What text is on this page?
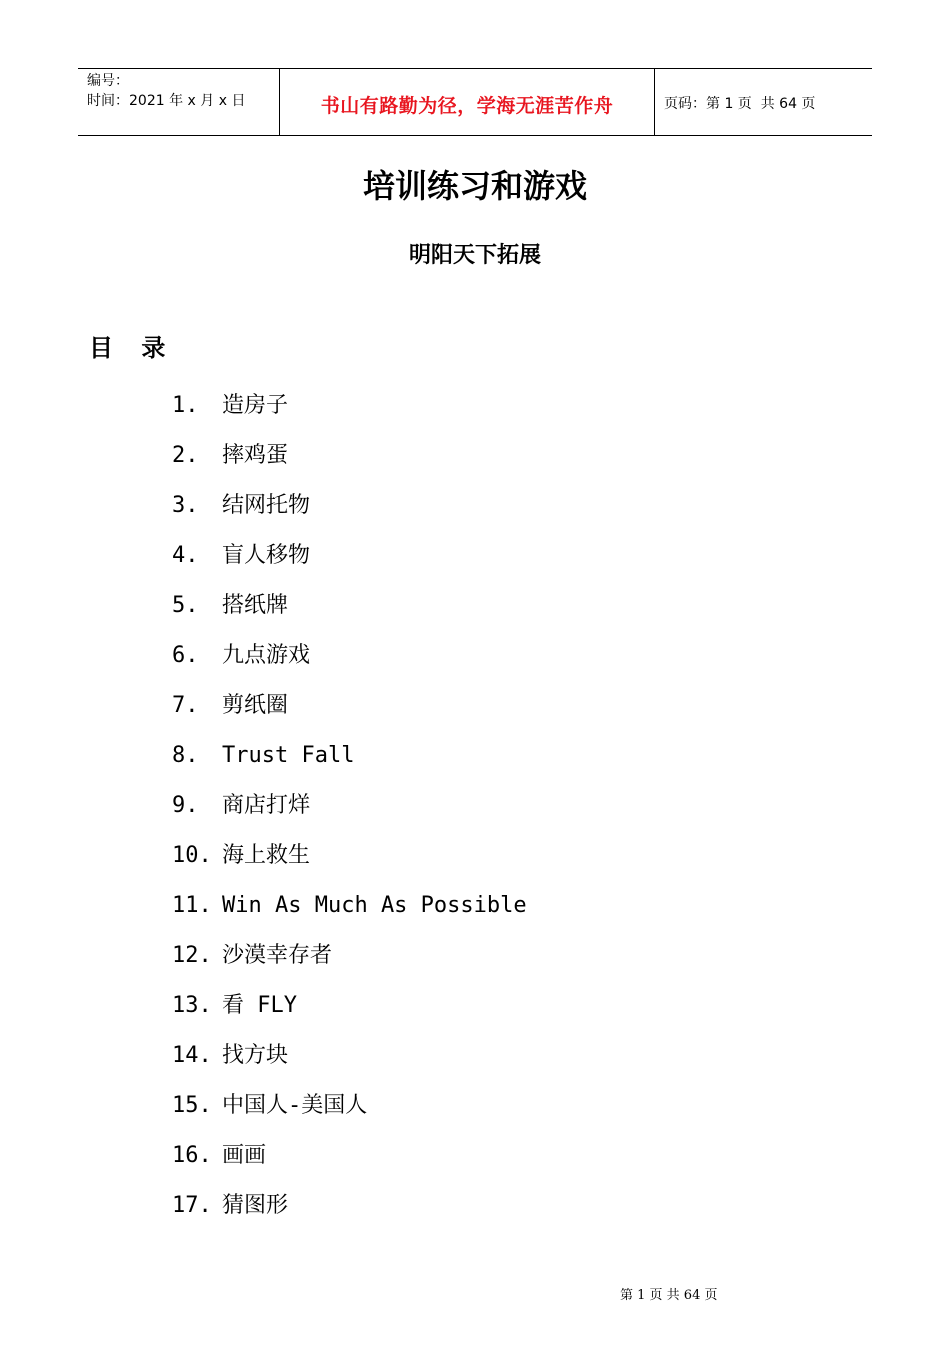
编号：
时间：2021 年 x 月 x 日	书山有路勤为径，学海无涯苦作舟	页码：第 1 页  共 64 页
培训练习和游戏
明阳天下拓展
目 录
1.	造房子
2.	摔鸡蛋
3.	结网托物
4.	盲人移物
5.	搭纸牌
6.	九点游戏
7.	剪纸圈
8.	Trust Fall
9.	商店打烊
10. 海上救生
11. Win As Much As Possible
12. 沙漠幸存者
13. 看 FLY
14. 找方块
15. 中国人-美国人
16. 画画
17. 猜图形
第 1 页 共 64 页
